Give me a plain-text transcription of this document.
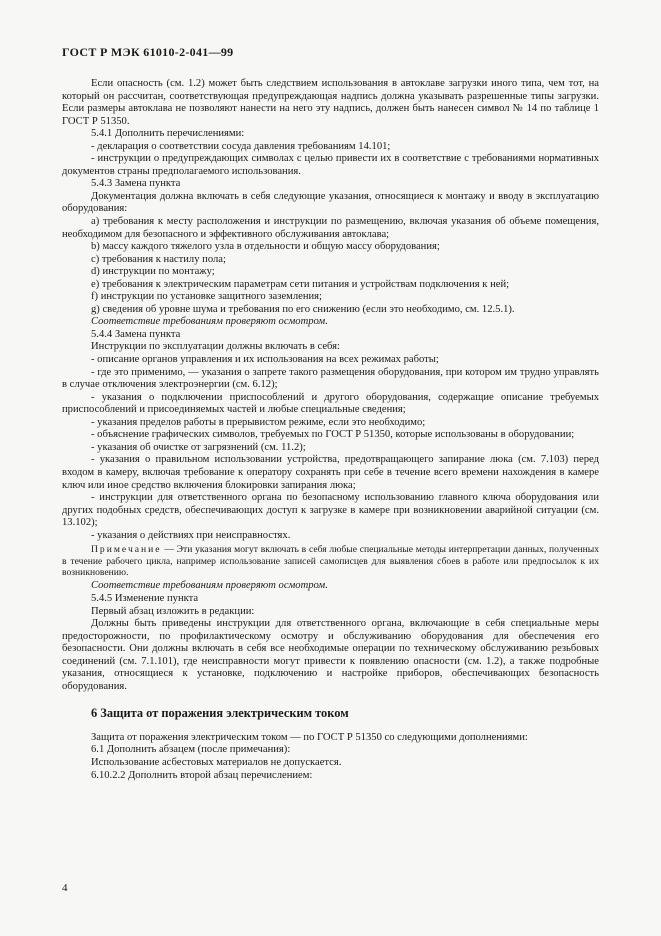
ГОСТ Р МЭК 61010-2-041—99

Если опасность (см. 1.2) может быть следствием использования в автоклаве загрузки иного типа, чем тот, на который он рассчитан, соответствующая предупреждающая надпись должна указывать разрешенные типы загрузки. Если размеры автоклава не позволяют нанести на него эту надпись, должен быть нанесен символ № 14 по таблице 1 ГОСТ Р 51350.

5.4.1 Дополнить перечислениями:

- декларация о соответствии сосуда давления требованиям 14.101;

- инструкции о предупреждающих символах с целью привести их в соответствие с требованиями нормативных документов страны предполагаемого использования.

5.4.3 Замена пункта

Документация должна включать в себя следующие указания, относящиеся к монтажу и вводу в эксплуатацию оборудования:

a) требования к месту расположения и инструкции по размещению, включая указания об объеме помещения, необходимом для безопасного и эффективного обслуживания автоклава;

b) массу каждого тяжелого узла в отдельности и общую массу оборудования;

c) требования к настилу пола;

d) инструкции по монтажу;

e) требования к электрическим параметрам сети питания и устройствам подключения к ней;

f) инструкции по установке защитного заземления;

g) сведения об уровне шума и требования по его снижению (если это необходимо, см. 12.5.1).

Соответствие требованиям проверяют осмотром.

5.4.4 Замена пункта

Инструкции по эксплуатации должны включать в себя:

- описание органов управления и их использования на всех режимах работы;

- где это применимо, — указания о запрете такого размещения оборудования, при котором им трудно управлять в случае отключения электроэнергии (см. 6.12);

- указания о подключении приспособлений и другого оборудования, содержащие описание требуемых приспособлений и присоединяемых частей и любые специальные сведения;

- указания пределов работы в прерывистом режиме, если это необходимо;

- объяснение графических символов, требуемых по ГОСТ Р 51350, которые использованы в оборудовании;

- указания об очистке от загрязнений (см. 11.2);

- указания о правильном использовании устройства, предотвращающего запирание люка (см. 7.103) перед входом в камеру, включая требование к оператору сохранять при себе в течение всего времени нахождения в камере ключ или иное средство включения блокировки запирания люка;

- инструкции для ответственного органа по безопасному использованию главного ключа оборудования или других подобных средств, обеспечивающих доступ к загрузке в камере при возникновении аварийной ситуации (см. 13.102);

- указания о действиях при неисправностях.

Примечание — Эти указания могут включать в себя любые специальные методы интерпретации данных, полученных в течение рабочего цикла, например использование записей самописцев для выявления сбоев в работе или предпосылок к их возникновению.

Соответствие требованиям проверяют осмотром.

5.4.5 Изменение пункта

Первый абзац изложить в редакции:

Должны быть приведены инструкции для ответственного органа, включающие в себя специальные меры предосторожности, по профилактическому осмотру и обслуживанию оборудования для обеспечения его безопасности. Они должны включать в себя все необходимые операции по техническому обслуживанию резьбовых соединений (см. 7.1.101), где неисправности могут привести к появлению опасности (см. 1.2), а также подробные указания, относящиеся к установке, подключению и настройке приборов, обеспечивающих безопасность оборудования.

6 Защита от поражения электрическим током

Защита от поражения электрическим током — по ГОСТ Р 51350 со следующими дополнениями:

6.1 Дополнить абзацем (после примечания):

Использование асбестовых материалов не допускается.

6.10.2.2 Дополнить второй абзац перечислением:

4
